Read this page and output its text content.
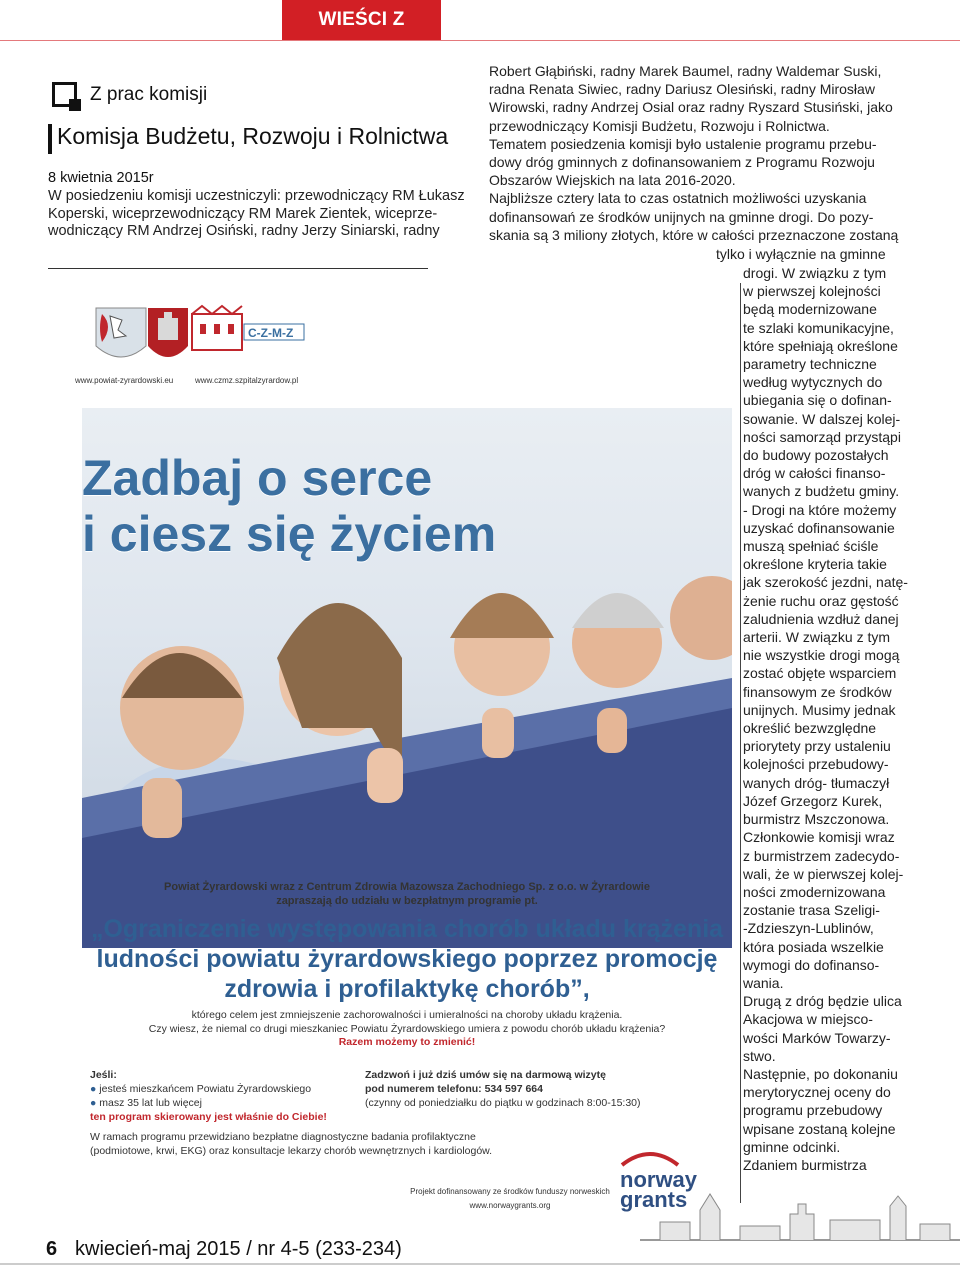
WIEŚCI Z RATUSZA
Z prac komisji
Komisja Budżetu, Rozwoju i Rolnictwa
8 kwietnia 2015r
W posiedzeniu komisji uczestniczyli: przewodniczący RM Łukasz
Koperski, wiceprzewodniczący RM Marek Zientek, wiceprze-
wodniczący RM Andrzej Osiński, radny Jerzy Siniarski, radny
Robert Głąbiński, radny Marek Baumel, radny Waldemar Suski,
radna Renata Siwiec, radny Dariusz Olesiński, radny Mirosław
Wirowski, radny Andrzej Osial oraz radny Ryszard Stusiński, jako
przewodniczący Komisji Budżetu, Rozwoju i Rolnictwa.
Tematem posiedzenia komisji było ustalenie programu przebu-
dowy dróg gminnych z dofinansowaniem z Programu Rozwoju
Obszarów Wiejskich na lata 2016-2020.
Najbliższe cztery lata to czas ostatnich możliwości uzyskania
dofinansowań ze środków unijnych na gminne drogi. Do pozy-
skania są 3 miliony złotych, które w całości przeznaczone zostaną
tylko i wyłącznie na gminne
drogi. W związku z tym
w pierwszej kolejności
będą modernizowane
te szlaki komunikacyjne,
które spełniają określone
parametry techniczne
według wytycznych do
ubiegania się o dofinan-
sowanie. W dalszej kolej-
ności samorząd przystąpi
do budowy pozostałych
dróg w całości finanso-
wanych z budżetu gminy.
- Drogi na które możemy
uzyskać dofinansowanie
muszą spełniać ściśle
określone kryteria takie
jak szerokość jezdni, natę-
żenie ruchu oraz gęstość
zaludnienia wzdłuż danej
arterii. W związku z tym
nie wszystkie drogi mogą
zostać objęte wsparciem
finansowym ze środków
unijnych. Musimy jednak
określić bezwzględne
priorytety przy ustaleniu
kolejności przebudowy-
wanych dróg- tłumaczył
Józef Grzegorz Kurek,
burmistrz Mszczonowa.
Członkowie komisji wraz
z burmistrzem zadecydo-
wali, że w pierwszej kolej-
ności zmodernizowana
zostanie trasa Szeligi-
-Zdzieszyn-Lublinów,
która posiada wszelkie
wymogi do dofinanso-
wania.
Drugą z dróg będzie ulica
Akacjowa w miejsco-
wości Marków Towarzy-
stwo.
Następnie, po dokonaniu
merytorycznej oceny do
programu przebudowy
wpisane zostaną kolejne
gminne odcinki.
Zdaniem burmistrza
C-Z-M-Z
www.powiat-zyrardowski.eu	www.czmz.szpitalzyrardow.pl
Zadbaj o serce
i ciesz się życiem
Powiat Żyrardowski wraz z Centrum Zdrowia Mazowsza Zachodniego Sp. z o.o. w Żyrardowie
zapraszają do udziału w bezpłatnym programie pt.
„Ograniczenie występowania chorób układu krążenia
ludności powiatu żyrardowskiego poprzez promocję
zdrowia i profilaktykę chorób”,
którego celem jest zmniejszenie zachorowalności i umieralności na choroby układu krążenia.
Czy wiesz, że niemal co drugi mieszkaniec Powiatu Żyrardowskiego umiera z powodu chorób układu krążenia?
Razem możemy to zmienić!
Jeśli:
● jesteś mieszkańcem Powiatu Żyrardowskiego
● masz 35 lat lub więcej
ten program skierowany jest właśnie do Ciebie!
Zadzwoń i już dziś umów się na darmową wizytę
pod numerem telefonu: 534 597 664
(czynny od poniedziałku do piątku w godzinach 8:00-15:30)
W ramach programu przewidziano bezpłatne diagnostyczne badania profilaktyczne
(podmiotowe, krwi, EKG) oraz konsultacje lekarzy chorób wewnętrznych i kardiologów.
Projekt dofinansowany ze środków funduszy norweskich
www.norwaygrants.org
norway
grants
6 kwiecień-maj 2015 / nr 4-5 (233-234)
